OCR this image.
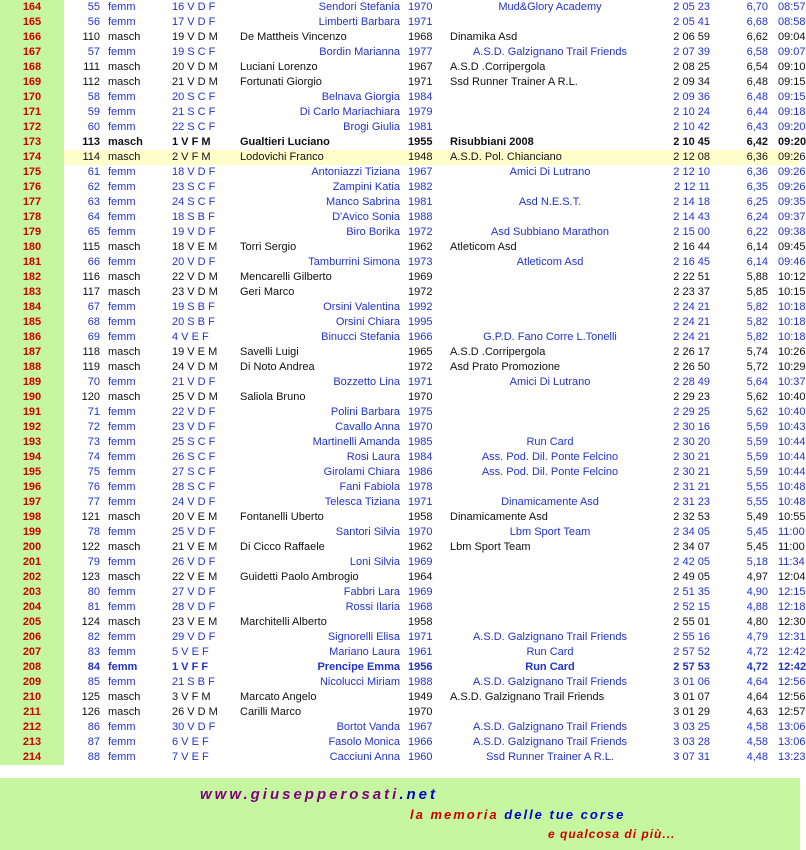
164	55	femm	16 V D F	Sendori Stefania	1970	Mud&Glory Academy	2 05 23	6,70	08:57
165	56	femm	17 V D F	Limberti Barbara	1971		2 05 41	6,68	08:58
166	110	masch	19 V D M	De Mattheis Vincenzo	1968	Dinamika Asd	2 06 59	6,62	09:04
167	57	femm	19 S C F	Bordin Marianna	1977	A.S.D. Galzignano Trail Friends	2 07 39	6,58	09:07
168	111	masch	20 V D M	Luciani Lorenzo	1967	A.S.D .Corripergola	2 08 25	6,54	09:10
169	112	masch	21 V D M	Fortunati Giorgio	1971	Ssd Runner Trainer A R.L.	2 09 34	6,48	09:15
170	58	femm	20 S C F	Belnava Giorgia	1984		2 09 36	6,48	09:15
171	59	femm	21 S C F	Di Carlo Mariachiara	1979		2 10 24	6,44	09:18
172	60	femm	22 S C F	Brogi Giulia	1981		2 10 42	6,43	09:20
173	113	masch	1 V F M	Gualtieri Luciano	1955	Risubbiani 2008	2 10 45	6,42	09:20
174	114	masch	2 V F M	Lodovichi Franco	1948	A.S.D. Pol. Chianciano	2 12 08	6,36	09:26
175	61	femm	18 V D F	Antoniazzi Tiziana	1967	Amici Di Lutrano	2 12 10	6,36	09:26
176	62	femm	23 S C F	Zampini Katia	1982		2 12 11	6,35	09:26
177	63	femm	24 S C F	Manco Sabrina	1981	Asd N.E.S.T.	2 14 18	6,25	09:35
178	64	femm	18 S B F	D'Avico Sonia	1988		2 14 43	6,24	09:37
179	65	femm	19 V D F	Biro Borika	1972	Asd Subbiano Marathon	2 15 00	6,22	09:38
180	115	masch	18 V E M	Torri Sergio	1962	Atleticom Asd	2 16 44	6,14	09:45
181	66	femm	20 V D F	Tamburrini Simona	1973	Atleticom Asd	2 16 45	6,14	09:46
182	116	masch	22 V D M	Mencarelli Gilberto	1969		2 22 51	5,88	10:12
183	117	masch	23 V D M	Geri Marco	1972		2 23 37	5,85	10:15
184	67	femm	19 S B F	Orsini Valentina	1992		2 24 21	5,82	10:18
185	68	femm	20 S B F	Orsini Chiara	1995		2 24 21	5,82	10:18
186	69	femm	4 V E F	Binucci Stefania	1966	G.P.D. Fano Corre L.Tonelli	2 24 21	5,82	10:18
187	118	masch	19 V E M	Savelli Luigi	1965	A.S.D .Corripergola	2 26 17	5,74	10:26
188	119	masch	24 V D M	Di Noto Andrea	1972	Asd Prato Promozione	2 26 50	5,72	10:29
189	70	femm	21 V D F	Bozzetto Lina	1971	Amici Di Lutrano	2 28 49	5,64	10:37
190	120	masch	25 V D M	Saliola Bruno	1970		2 29 23	5,62	10:40
191	71	femm	22 V D F	Polini Barbara	1975		2 29 25	5,62	10:40
192	72	femm	23 V D F	Cavallo Anna	1970		2 30 16	5,59	10:43
193	73	femm	25 S C F	Martinelli Amanda	1985	Run Card	2 30 20	5,59	10:44
194	74	femm	26 S C F	Rosi Laura	1984	Ass. Pod. Dil. Ponte Felcino	2 30 21	5,59	10:44
195	75	femm	27 S C F	Girolami Chiara	1986	Ass. Pod. Dil. Ponte Felcino	2 30 21	5,59	10:44
196	76	femm	28 S C F	Fani Fabiola	1978		2 31 21	5,55	10:48
197	77	femm	24 V D F	Telesca Tiziana	1971	Dinamicamente Asd	2 31 23	5,55	10:48
198	121	masch	20 V E M	Fontanelli Uberto	1958	Dinamicamente Asd	2 32 53	5,49	10:55
199	78	femm	25 V D F	Santori Silvia	1970	Lbm Sport Team	2 34 05	5,45	11:00
200	122	masch	21 V E M	Di Cicco Raffaele	1962	Lbm Sport Team	2 34 07	5,45	11:00
201	79	femm	26 V D F	Loni Silvia	1969		2 42 05	5,18	11:34
202	123	masch	22 V E M	Guidetti Paolo Ambrogio	1964		2 49 05	4,97	12:04
203	80	femm	27 V D F	Fabbri Lara	1969		2 51 35	4,90	12:15
204	81	femm	28 V D F	Rossi Ilaria	1968		2 52 15	4,88	12:18
205	124	masch	23 V E M	Marchitelli Alberto	1958		2 55 01	4,80	12:30
206	82	femm	29 V D F	Signorelli Elisa	1971	A.S.D. Galzignano Trail Friends	2 55 16	4,79	12:31
207	83	femm	5 V E F	Mariano Laura	1961	Run Card	2 57 52	4,72	12:42
208	84	femm	1 V F F	Prencipe Emma	1956	Run Card	2 57 53	4,72	12:42
209	85	femm	21 S B F	Nicolucci Miriam	1988	A.S.D. Galzignano Trail Friends	3 01 06	4,64	12:56
210	125	masch	3 V F M	Marcato Angelo	1949	A.S.D. Galzignano Trail Friends	3 01 07	4,64	12:56
211	126	masch	26 V D M	Carilli Marco	1970		3 01 29	4,63	12:57
212	86	femm	30 V D F	Bortot Vanda	1967	A.S.D. Galzignano Trail Friends	3 03 25	4,58	13:06
213	87	femm	6 V E F	Fasolo Monica	1966	A.S.D. Galzignano Trail Friends	3 03 28	4,58	13:06
214	88	femm	7 V E F	Cacciuni Anna	1960	Ssd Runner Trainer A R.L.	3 07 31	4,48	13:23
www.giusepperosati.net
la memoria delle tue corse
e qualcosa di più...
